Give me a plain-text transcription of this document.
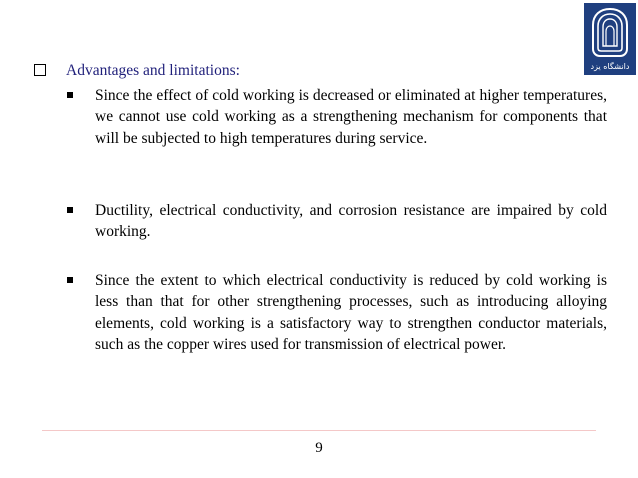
دانشگاه یزد
Advantages and limitations:
Since the effect of cold working is decreased or eliminated at higher temperatures, we cannot use cold working as a strengthening mechanism for components that will be subjected to high temperatures during service.
Ductility, electrical conductivity, and corrosion resistance are impaired by cold working.
Since the extent to which electrical conductivity is reduced by cold working is less than that for other strengthening processes, such as introducing alloying elements, cold working is a satisfactory way to strengthen conductor materials, such as the copper wires used for transmission of electrical power.
9
